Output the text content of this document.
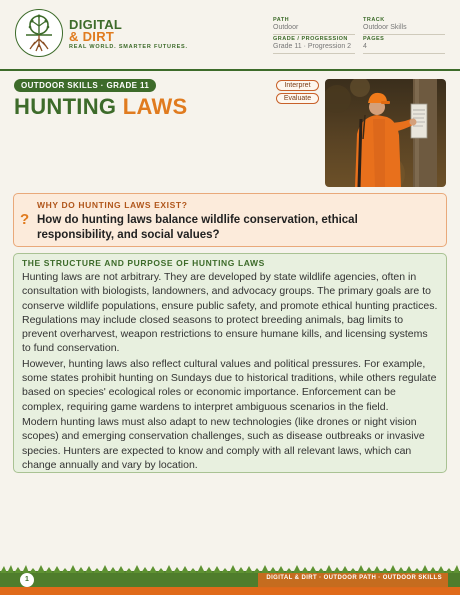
DIGITAL
& DIRT
REAL WORLD. SMARTER FUTURES.
PATH
Outdoor
TRACK
Outdoor Skills
GRADE / PROGRESSION
Grade 11 · Progression 2
PAGES
4
OUTDOOR SKILLS · GRADE 11
HUNTING LAWS
Interpret
Evaluate
WHY DO HUNTING LAWS EXIST?
? How do hunting laws balance wildlife conservation, ethical responsibility, and social values?
THE STRUCTURE AND PURPOSE OF HUNTING LAWS

Hunting laws are not arbitrary. They are developed by state wildlife agencies, often in consultation with biologists, landowners, and advocacy groups. The primary goals are to conserve wildlife populations, ensure public safety, and promote ethical hunting practices. Regulations may include closed seasons to protect breeding animals, bag limits to prevent overharvest, weapon restrictions to ensure humane kills, and licensing systems to fund conservation.

However, hunting laws also reflect cultural values and political pressures. For example, some states prohibit hunting on Sundays due to historical traditions, while others regulate based on species' ecological roles or economic importance. Enforcement can be complex, requiring game wardens to interpret ambiguous scenarios in the field.

Modern hunting laws must also adapt to new technologies (like drones or night vision scopes) and emerging conservation challenges, such as disease outbreaks or invasive species. Hunters are expected to know and comply with all relevant laws, which can change annually and vary by location.

1	DIGITAL & DIRT · OUTDOOR PATH · OUTDOOR SKILLS
